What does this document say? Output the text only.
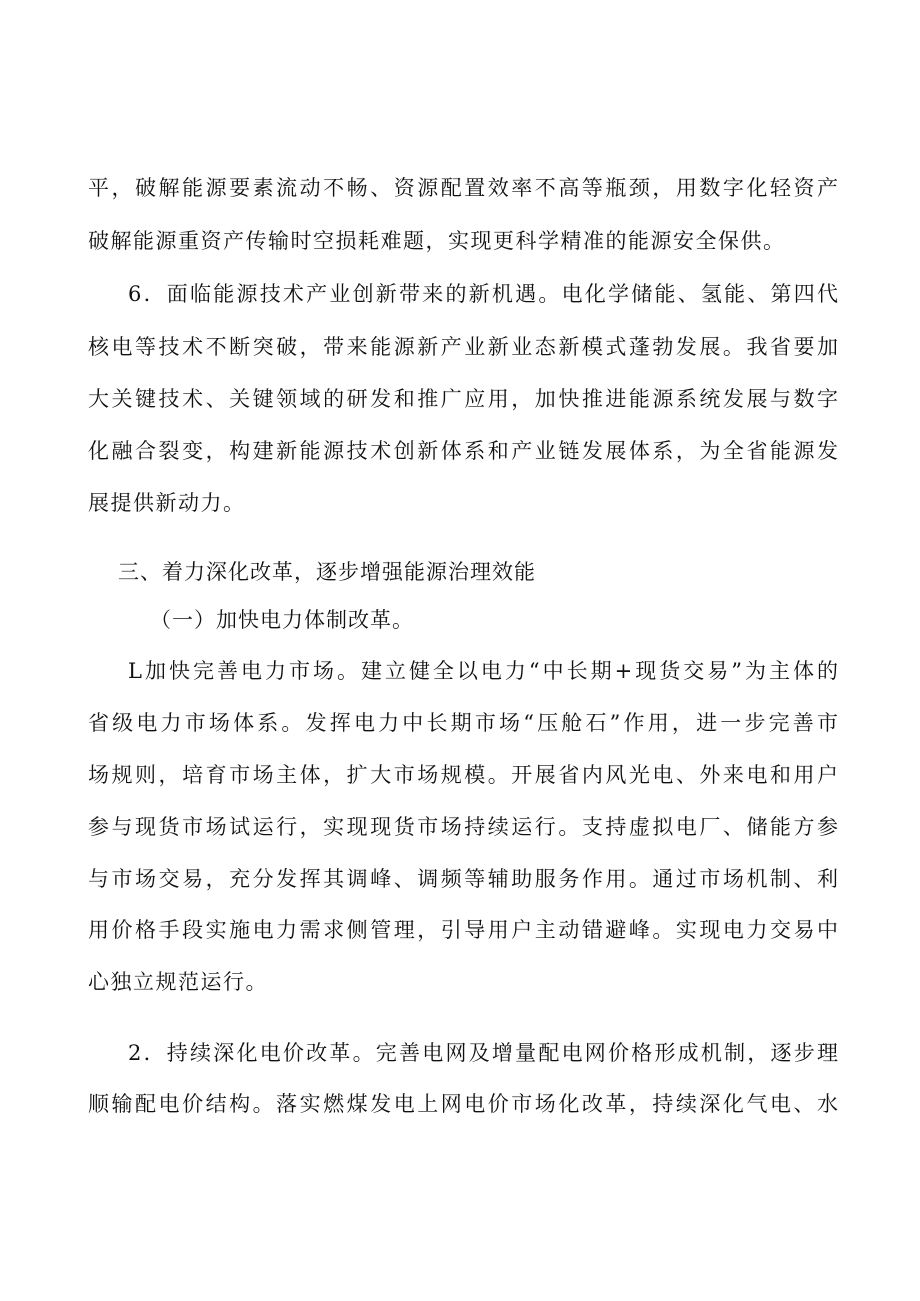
平，破解能源要素流动不畅、资源配置效率不高等瓶颈，用数字化轻资产
破解能源重资产传输时空损耗难题，实现更科学精准的能源安全保供。
6．面临能源技术产业创新带来的新机遇。电化学储能、氢能、第四代
核电等技术不断突破，带来能源新产业新业态新模式蓬勃发展。我省要加
大关键技术、关键领域的研发和推广应用，加快推进能源系统发展与数字
化融合裂变，构建新能源技术创新体系和产业链发展体系，为全省能源发
展提供新动力。
三、着力深化改革，逐步增强能源治理效能
（一）加快电力体制改革。
L加快完善电力市场。建立健全以电力“中长期+现货交易”为主体的
省级电力市场体系。发挥电力中长期市场“压舱石”作用，进一步完善市
场规则，培育市场主体，扩大市场规模。开展省内风光电、外来电和用户
参与现货市场试运行，实现现货市场持续运行。支持虚拟电厂、储能方参
与市场交易，充分发挥其调峰、调频等辅助服务作用。通过市场机制、利
用价格手段实施电力需求侧管理，引导用户主动错避峰。实现电力交易中
心独立规范运行。
2．持续深化电价改革。完善电网及增量配电网价格形成机制，逐步理
顺输配电价结构。落实燃煤发电上网电价市场化改革，持续深化气电、水
